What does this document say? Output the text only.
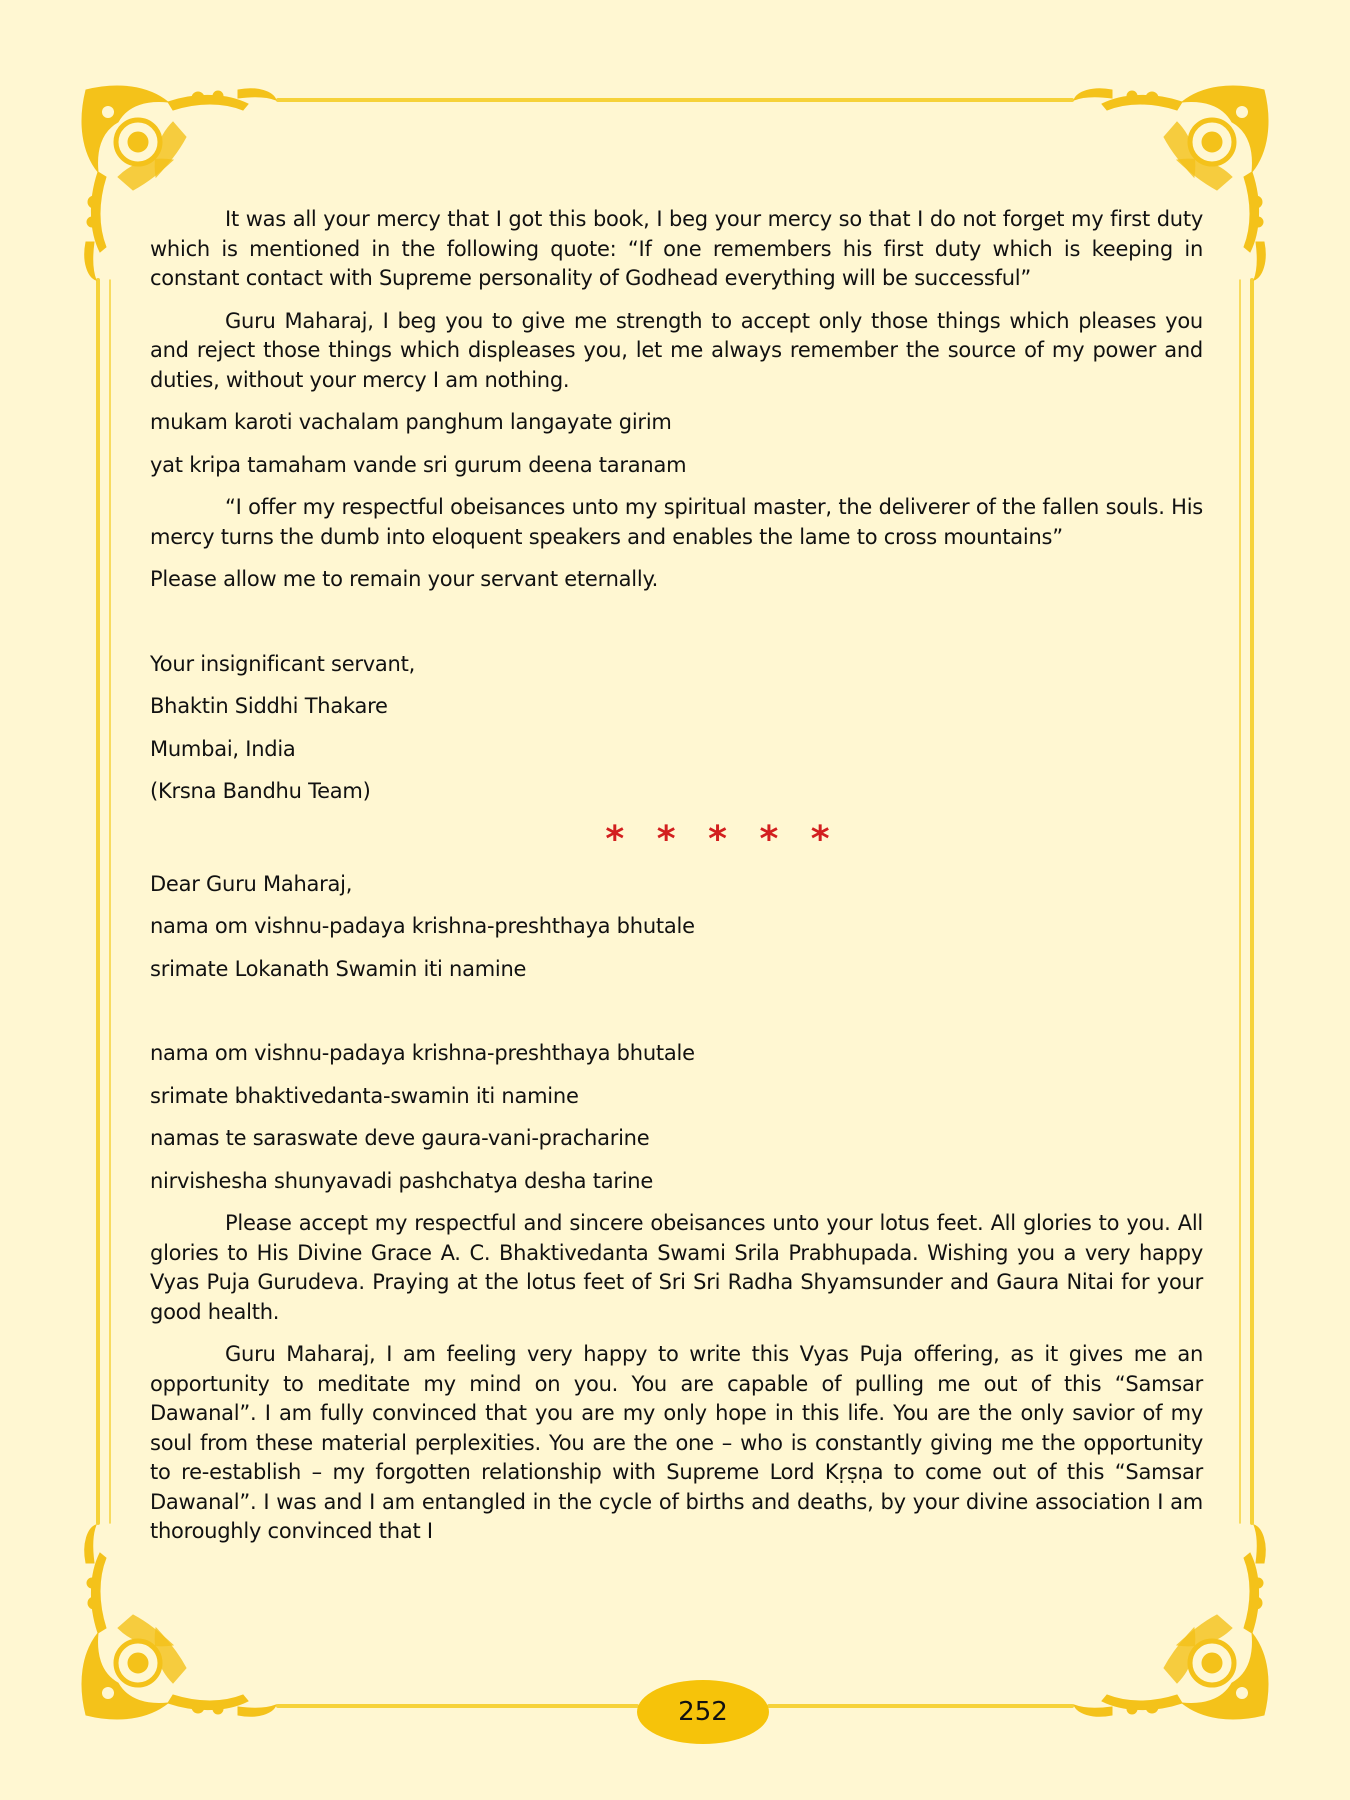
It was all your mercy that I got this book, I beg your mercy so that I do not forget my first duty which is mentioned in the following quote: “If one remembers his first duty which is keeping in constant contact with Supreme personality of Godhead everything will be successful”

Guru Maharaj, I beg you to give me strength to accept only those things which pleases you and reject those things which displeases you, let me always remember the source of my power and duties, without your mercy I am nothing.

mukam karoti vachalam panghum langayate girim
yat kripa tamaham vande sri gurum deena taranam

“I offer my respectful obeisances unto my spiritual master, the deliverer of the fallen souls. His mercy turns the dumb into eloquent speakers and enables the lame to cross mountains”

Please allow me to remain your servant eternally.
Your insignificant servant,
Bhaktin Siddhi Thakare
Mumbai, India
(Krsna Bandhu Team)
* * * * *
Dear Guru Maharaj,
nama om vishnu-padaya krishna-preshthaya bhutale
srimate Lokanath Swamin iti namine
nama om vishnu-padaya krishna-preshthaya bhutale
srimate bhaktivedanta-swamin iti namine
namas te saraswate deve gaura-vani-pracharine
nirvishesha shunyavadi pashchatya desha tarine

Please accept my respectful and sincere obeisances unto your lotus feet. All glories to you. All glories to His Divine Grace A. C. Bhaktivedanta Swami Srila Prabhupada. Wishing you a very happy Vyas Puja Gurudeva. Praying at the lotus feet of Sri Sri Radha Shyamsunder and Gaura Nitai for your good health.

Guru Maharaj, I am feeling very happy to write this Vyas Puja offering, as it gives me an opportunity to meditate my mind on you. You are capable of pulling me out of this “Samsar Dawanal”. I am fully convinced that you are my only hope in this life. You are the only savior of my soul from these material perplexities. You are the one – who is constantly giving me the opportunity to re-establish – my forgotten relationship with Supreme Lord Kṛṣṇa to come out of this “Samsar Dawanal”. I was and I am entangled in the cycle of births and deaths, by your divine association I am thoroughly convinced that I

252
